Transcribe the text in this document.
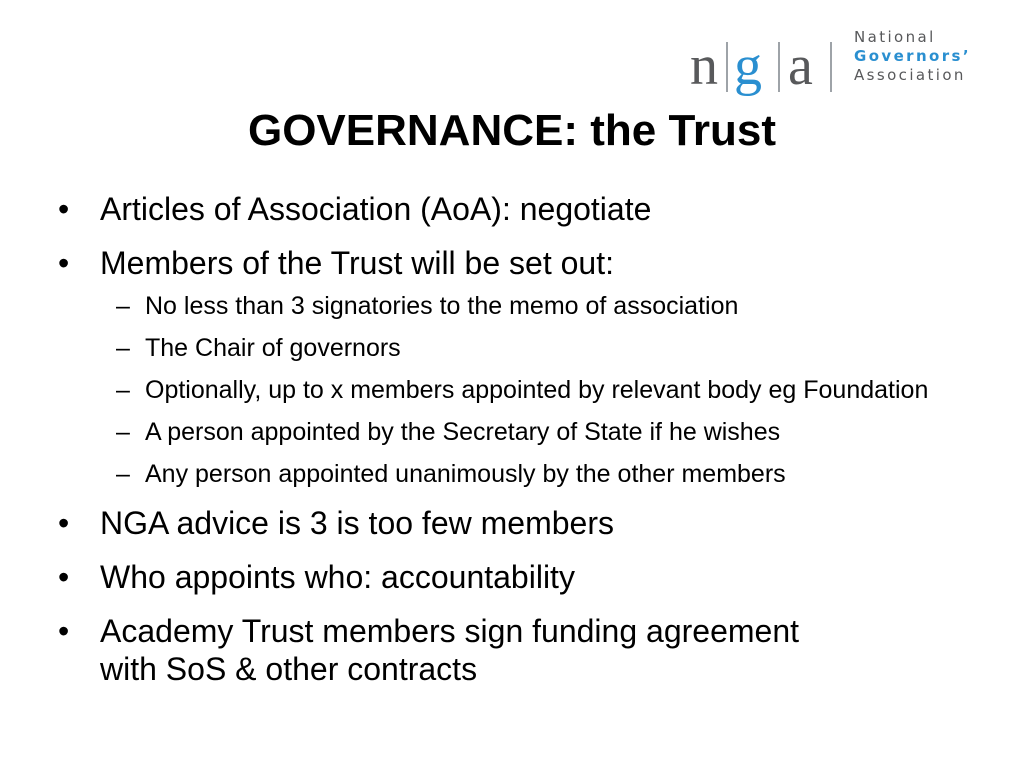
n g a	National
Governors’
Association
GOVERNANCE: the Trust
• Articles of Association (AoA): negotiate
• Members of the Trust will be set out:
– No less than 3 signatories to the memo of association
– The Chair of governors
– Optionally, up to x members appointed by relevant body eg Foundation
– A person appointed by the Secretary of State if he wishes
– Any person appointed unanimously by the other members
• NGA advice is 3 is too few members
• Who appoints who: accountability
• Academy Trust members sign funding agreement with SoS & other contracts
